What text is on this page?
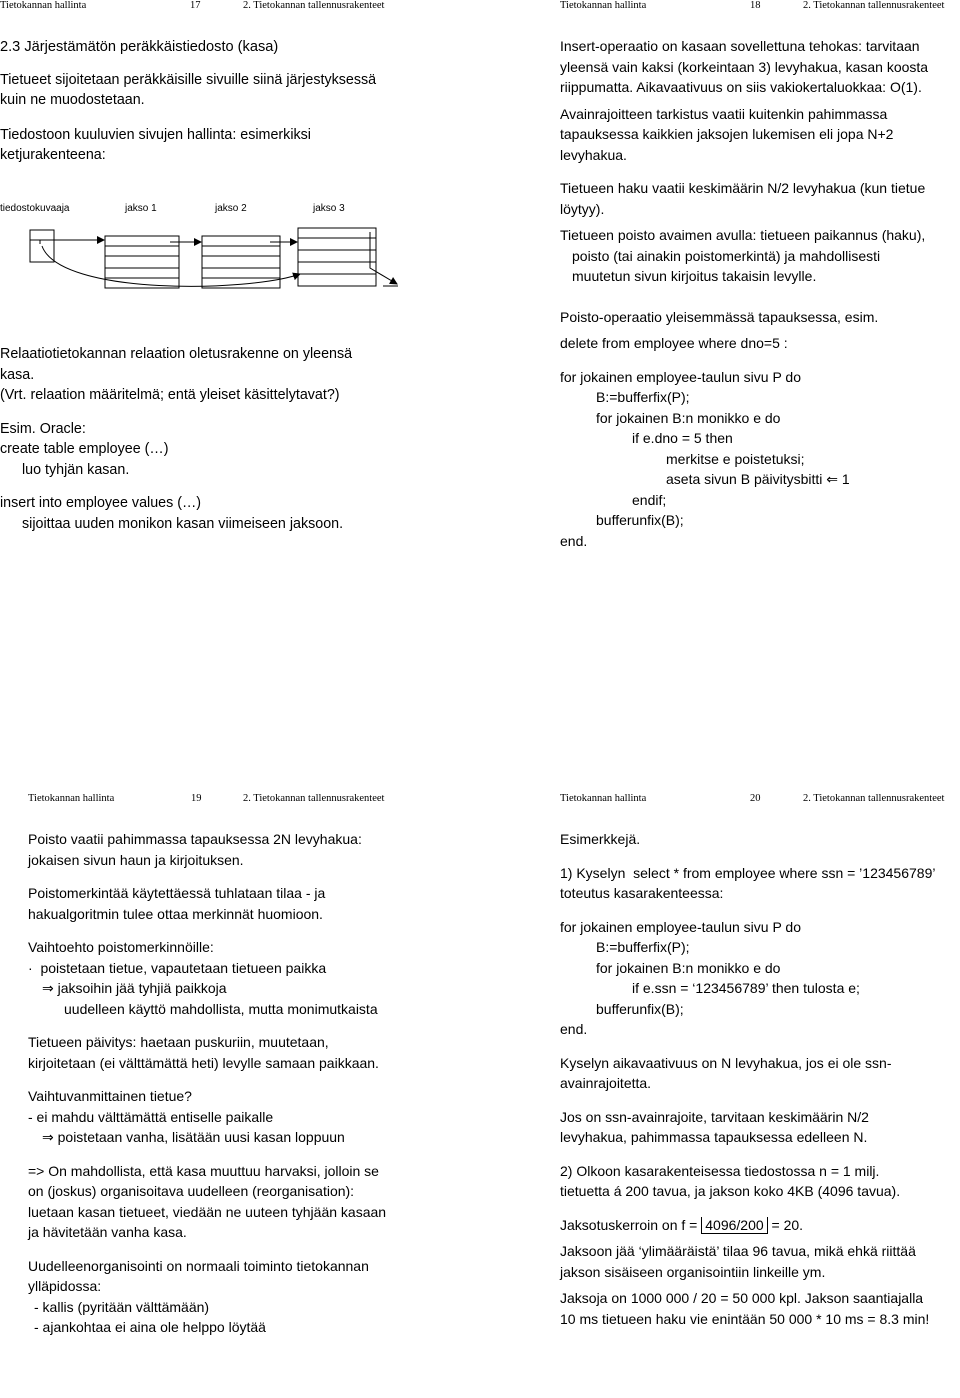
Tietokannan hallinta	17	2. Tietokannan tallennusrakenteet

2.3 Järjestämätön peräkkäistiedosto (kasa)

Tietueet sijoitetaan peräkkäisille sivuille siinä järjestyksessä

kuin ne muodostetaan.

Tiedostoon kuuluvien sivujen hallinta: esimerkiksi

ketjurakenteena:

tiedostokuvaaja	jakso 1	jakso 2	jakso 3

Relaatiotietokannan relaation oletusrakenne on yleensä

kasa.

(Vrt. relaation määritelmä; entä yleiset käsittelytavat?)

Esim. Oracle:

create table employee (…)

luo tyhjän kasan.

insert into employee values (…)

sijoittaa uuden monikon kasan viimeiseen jaksoon.

Tietokannan hallinta	18	2. Tietokannan tallennusrakenteet

Insert-operaatio on kasaan sovellettuna tehokas: tarvitaan

yleensä vain kaksi (korkeintaan 3) levyhakua, kasan koosta

riippumatta. Aikavaativuus on siis vakiokertaluokkaa: O(1).

Avainrajoitteen tarkistus vaatii kuitenkin pahimmassa

tapauksessa kaikkien jaksojen lukemisen eli jopa N+2

levyhakua.

Tietueen haku vaatii keskimäärin N/2 levyhakua (kun tietue

löytyy).

Tietueen poisto avaimen avulla: tietueen paikannus (haku),

poisto (tai ainakin poistomerkintä) ja mahdollisesti

muutetun sivun kirjoitus takaisin levylle.

Poisto-operaatio yleisemmässä tapauksessa, esim.

delete from employee where dno=5 :

for jokainen employee-taulun sivu P do

B:=bufferfix(P);

for jokainen B:n monikko e do

if e.dno = 5 then

merkitse e poistetuksi;

aseta sivun B päivitysbitti ⇐ 1

endif;

bufferunfix(B);

end.

Tietokannan hallinta	19	2. Tietokannan tallennusrakenteet

Poisto vaatii pahimmassa tapauksessa 2N levyhakua:

jokaisen sivun haun ja kirjoituksen.

Poistomerkintää käytettäessä tuhlataan tilaa - ja

hakualgoritmin tulee ottaa merkinnät huomioon.

Vaihtoehto poistomerkinnöille:

· poistetaan tietue, vapautetaan tietueen paikka

⇒ jaksoihin jää tyhjiä paikkoja

uudelleen käyttö mahdollista, mutta monimutkaista

Tietueen päivitys: haetaan puskuriin, muutetaan,

kirjoitetaan (ei välttämättä heti) levylle samaan paikkaan.

Vaihtuvanmittainen tietue?

- ei mahdu välttämättä entiselle paikalle

⇒ poistetaan vanha, lisätään uusi kasan loppuun

=> On mahdollista, että kasa muuttuu harvaksi, jolloin se

on (joskus) organisoitava uudelleen (reorganisation):

luetaan kasan tietueet, viedään ne uuteen tyhjään kasaan

ja hävitetään vanha kasa.

Uudelleenorganisointi on normaali toiminto tietokannan

ylläpidossa:

- kallis (pyritään välttämään)

- ajankohtaa ei aina ole helppo löytää

Tietokannan hallinta	20	2. Tietokannan tallennusrakenteet

Esimerkkejä.

1) Kyselyn  select * from employee where ssn = ’123456789’

toteutus kasarakenteessa:

for jokainen employee-taulun sivu P do

B:=bufferfix(P);

for jokainen B:n monikko e do

if e.ssn = ‘123456789’ then tulosta e;

bufferunfix(B);

end.

Kyselyn aikavaativuus on N levyhakua, jos ei ole ssn-

avainrajoitetta.

Jos on ssn-avainrajoite, tarvitaan keskimäärin N/2

levyhakua, pahimmassa tapauksessa edelleen N.

2) Olkoon kasarakenteisessa tiedostossa n = 1 milj.

tietuetta á 200 tavua, ja jakson koko 4KB (4096 tavua).

Jaksotuskerroin on f = 4096/200 = 20.

Jaksoon jää ‘ylimääräistä’ tilaa 96 tavua, mikä ehkä riittää

jakson sisäiseen organisointiin linkeille ym.

Jaksoja on 1000 000 / 20 = 50 000 kpl. Jakson saantiajalla

10 ms tietueen haku vie enintään 50 000 * 10 ms = 8.3 min!
